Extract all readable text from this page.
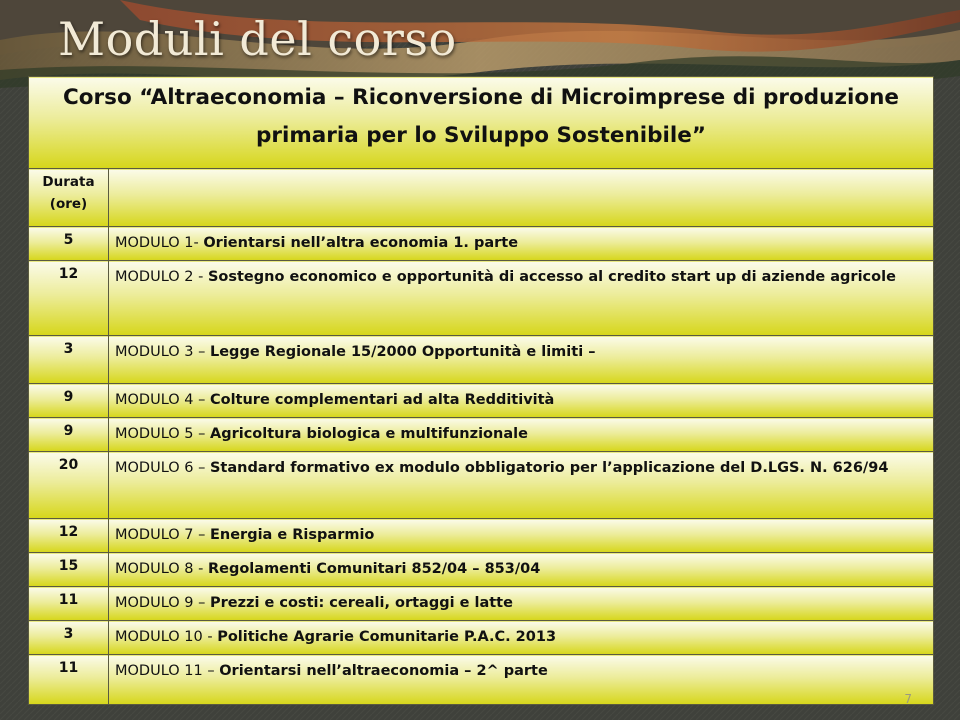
Moduli del corso
Corso “Altraeconomia – Riconversione di Microimprese di produzione primaria per lo Sviluppo Sostenibile”	
Durata (ore)	
5	MODULO 1- Orientarsi nell’altra economia 1. parte
12	MODULO 2 - Sostegno economico e opportunità di accesso al credito start up di aziende agricole
3	MODULO 3 – Legge Regionale 15/2000 Opportunità e limiti –
9	MODULO 4 – Colture complementari ad alta Redditività
9	MODULO 5 – Agricoltura biologica e multifunzionale
20	MODULO 6 – Standard formativo ex modulo obbligatorio per l’applicazione del D.LGS. N. 626/94
12	MODULO 7 – Energia e Risparmio
15	MODULO 8 - Regolamenti Comunitari 852/04 – 853/04
11	MODULO 9 – Prezzi e costi: cereali, ortaggi e latte
3	MODULO 10 - Politiche Agrarie Comunitarie P.A.C. 2013
11	MODULO 11 – Orientarsi nell’altraeconomia – 2^ parte
7
